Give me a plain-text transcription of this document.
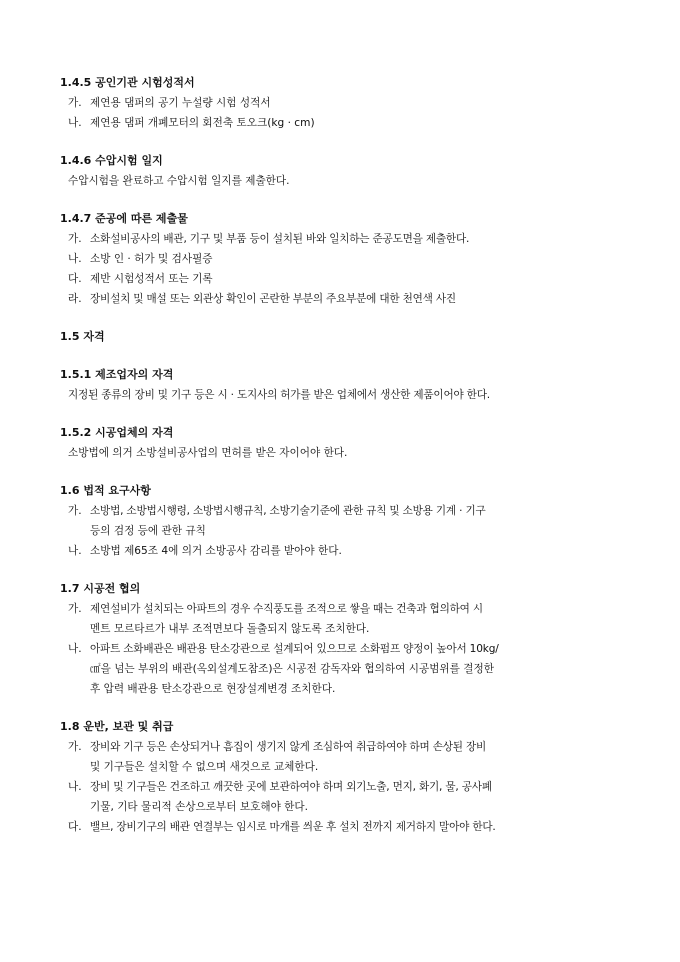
1.4.5 공인기관 시험성적서
가. 제연용 댐퍼의 공기 누설량 시험 성적서
나. 제연용 댐퍼 개폐모터의 회전축 토오크(kg · cm)
1.4.6 수압시험 일지
수압시험을 완료하고 수압시험 일지를 제출한다.
1.4.7 준공에 따른 제출물
가. 소화설비공사의 배관, 기구 및 부품 등이 설치된 바와 일치하는 준공도면을 제출한다.
나. 소방 인 · 허가 및 검사필증
다. 제반 시험성적서 또는 기록
라. 장비설치 및 매설 또는 외관상 확인이 곤란한 부분의 주요부분에 대한 천연색 사진
1.5 자격
1.5.1 제조업자의 자격
지정된 종류의 장비 및 기구 등은 시 · 도지사의 허가를 받은 업체에서 생산한 제품이어야 한다.
1.5.2 시공업체의 자격
소방법에 의거 소방설비공사업의 면허를 받은 자이어야 한다.
1.6 법적 요구사항
가. 소방법, 소방법시행령, 소방법시행규칙, 소방기술기준에 관한 규칙 및 소방용 기계 · 기구
등의 검정 등에 관한 규칙
나. 소방법 제65조 4에 의거 소방공사 감리를 받아야 한다.
1.7 시공전 협의
가. 제연설비가 설치되는 아파트의 경우 수직풍도를 조적으로 쌓을 때는 건축과 협의하여 시
멘트 모르타르가 내부 조적면보다 돌출되지 않도록 조치한다.
나. 아파트 소화배관은 배관용 탄소강관으로 설계되어 있으므로 소화펌프 양정이 높아서 10kg/
㎠을 넘는 부위의 배관(옥외설계도참조)은 시공전 감독자와 협의하여 시공범위를 결정한
후 압력 배관용 탄소강관으로 현장설계변경 조치한다.
1.8 운반, 보관 및 취급
가. 장비와 기구 등은 손상되거나 흠집이 생기지 않게 조심하여 취급하여야 하며 손상된 장비
및 기구들은 설치할 수 없으며 새것으로 교체한다.
나. 장비 및 기구들은 건조하고 깨끗한 곳에 보관하여야 하며 외기노출, 먼지, 화기, 물, 공사폐
기물, 기타 물리적 손상으로부터 보호해야 한다.
다. 밸브, 장비기구의 배관 연결부는 임시로 마개를 씌운 후 설치 전까지 제거하지 말아야 한다.
